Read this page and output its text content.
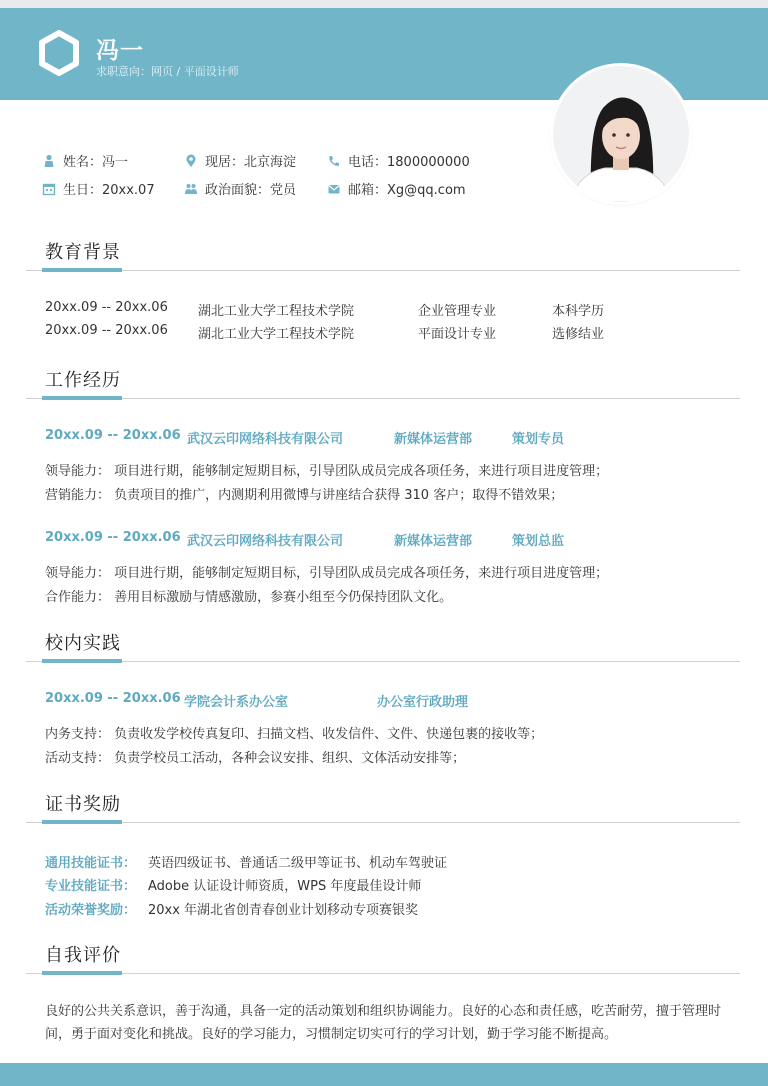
冯一
求职意向：网页 / 平面设计师
姓名：冯一	现居：北京海淀	电话：1800000000
生日：20xx.07	政治面貌：党员	邮箱：Xg@qq.com
教育背景
20xx.09 -- 20xx.06 湖北工业大学工程技术学院	企业管理专业	本科学历
20xx.09 -- 20xx.06 湖北工业大学工程技术学院	平面设计专业	选修结业
工作经历
20xx.09 -- 20xx.06 武汉云印网络科技有限公司	新媒体运营部	策划专员
领导能力： 项目进行期，能够制定短期目标，引导团队成员完成各项任务，来进行项目进度管理；
营销能力： 负责项目的推广，内测期利用微博与讲座结合获得 310 客户；取得不错效果；
20xx.09 -- 20xx.06 武汉云印网络科技有限公司	新媒体运营部	策划总监
领导能力： 项目进行期，能够制定短期目标，引导团队成员完成各项任务，来进行项目进度管理；
合作能力： 善用目标激励与情感激励，参赛小组至今仍保持团队文化。
校内实践
20xx.09 -- 20xx.06 学院会计系办公室	办公室行政助理
内务支持： 负责收发学校传真复印、扫描文档、收发信件、文件、快递包裹的接收等；
活动支持： 负责学校员工活动，各种会议安排、组织、文体活动安排等；
证书奖励
通用技能证书： 英语四级证书、普通话二级甲等证书、机动车驾驶证
专业技能证书： Adobe 认证设计师资质，WPS 年度最佳设计师
活动荣誉奖励： 20xx 年湖北省创青春创业计划移动专项赛银奖
自我评价
良好的公共关系意识，善于沟通，具备一定的活动策划和组织协调能力。良好的心态和责任感，吃苦耐劳，擅于管理时间，勇于面对变化和挑战。良好的学习能力，习惯制定切实可行的学习计划，勤于学习能不断提高。
